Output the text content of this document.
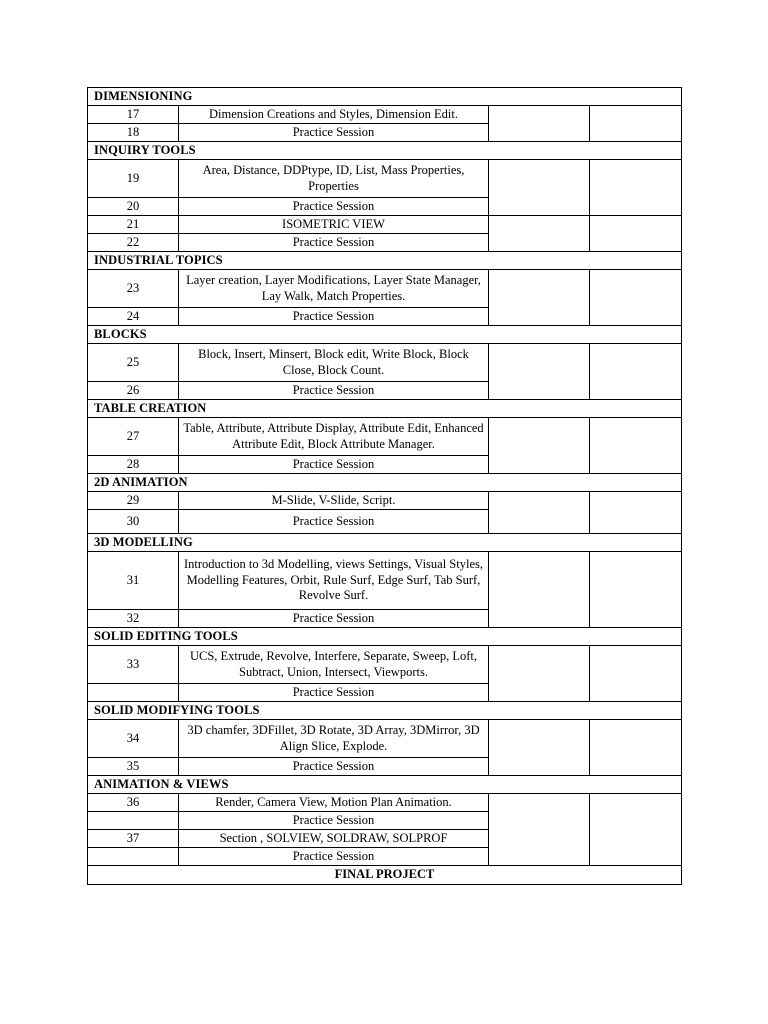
DIMENSIONING			
17	Dimension Creations and Styles, Dimension Edit.		
18	Practice Session		
INQUIRY TOOLS			
19	Area, Distance, DDPtype, ID, List, Mass Properties, Properties		
20	Practice Session		
21	ISOMETRIC VIEW		
22	Practice Session		
INDUSTRIAL TOPICS			
23	Layer creation, Layer Modifications, Layer State Manager, Lay Walk, Match Properties.		
24	Practice Session		
BLOCKS			
25	Block, Insert, Minsert, Block edit, Write Block, Block Close, Block Count.		
26	Practice Session		
TABLE CREATION			
27	Table, Attribute, Attribute Display, Attribute Edit, Enhanced Attribute Edit, Block Attribute Manager.		
28	Practice Session		
2D ANIMATION			
29	M-Slide, V-Slide, Script.		
30	Practice Session		
3D MODELLING			
31	Introduction to 3d Modelling, views Settings, Visual Styles, Modelling Features, Orbit, Rule Surf, Edge Surf, Tab Surf, Revolve Surf.		
32	Practice Session		
SOLID EDITING TOOLS			
33	UCS, Extrude, Revolve, Interfere, Separate, Sweep, Loft, Subtract, Union, Intersect, Viewports.		
	Practice Session		
SOLID MODIFYING TOOLS			
34	3D chamfer, 3DFillet, 3D Rotate, 3D Array, 3DMirror, 3D Align Slice, Explode.		
35	Practice Session		
ANIMATION & VIEWS			
36	Render, Camera View, Motion Plan Animation.		
	Practice Session		
37	Section , SOLVIEW, SOLDRAW, SOLPROF		
	Practice Session		
FINAL PROJECT			
